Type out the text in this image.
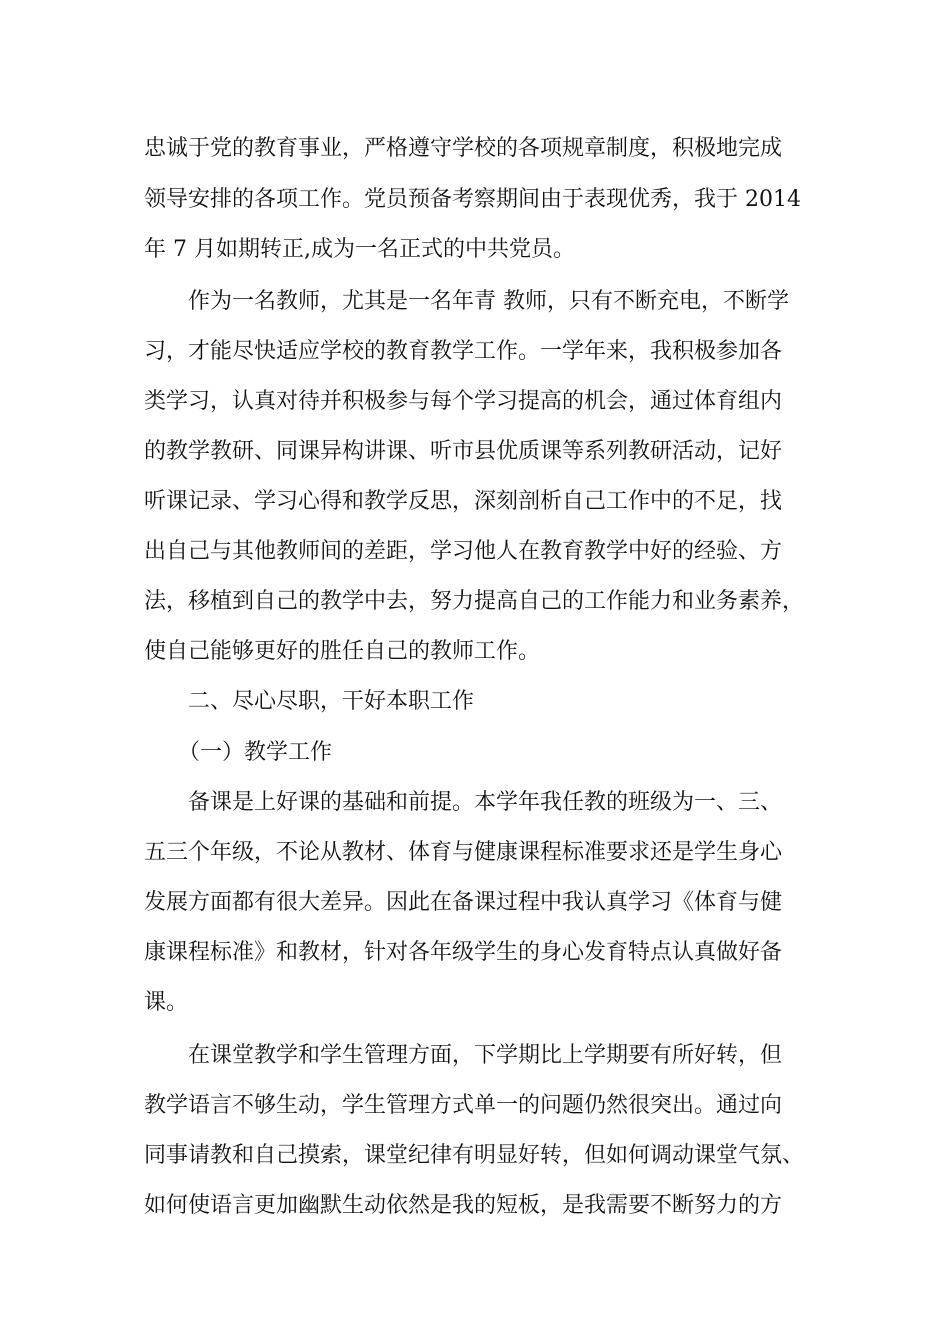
忠诚于党的教育事业，严格遵守学校的各项规章制度，积极地完成
领导安排的各项工作。党员预备考察期间由于表现优秀，我于 2014
年 7 月如期转正,成为一名正式的中共党员。
作为一名教师，尤其是一名年青 教师，只有不断充电，不断学
习，才能尽快适应学校的教育教学工作。一学年来，我积极参加各
类学习，认真对待并积极参与每个学习提高的机会，通过体育组内
的教学教研、同课异构讲课、听市县优质课等系列教研活动，记好
听课记录、学习心得和教学反思，深刻剖析自己工作中的不足，找
出自己与其他教师间的差距，学习他人在教育教学中好的经验、方
法，移植到自己的教学中去，努力提高自己的工作能力和业务素养，
使自己能够更好的胜任自己的教师工作。
二、尽心尽职，干好本职工作
（一）教学工作
备课是上好课的基础和前提。本学年我任教的班级为一、三、
五三个年级，不论从教材、体育与健康课程标准要求还是学生身心
发展方面都有很大差异。因此在备课过程中我认真学习《体育与健
康课程标准》和教材，针对各年级学生的身心发育特点认真做好备
课。
在课堂教学和学生管理方面，下学期比上学期要有所好转，但
教学语言不够生动，学生管理方式单一的问题仍然很突出。通过向
同事请教和自己摸索，课堂纪律有明显好转，但如何调动课堂气氛、
如何使语言更加幽默生动依然是我的短板，是我需要不断努力的方
